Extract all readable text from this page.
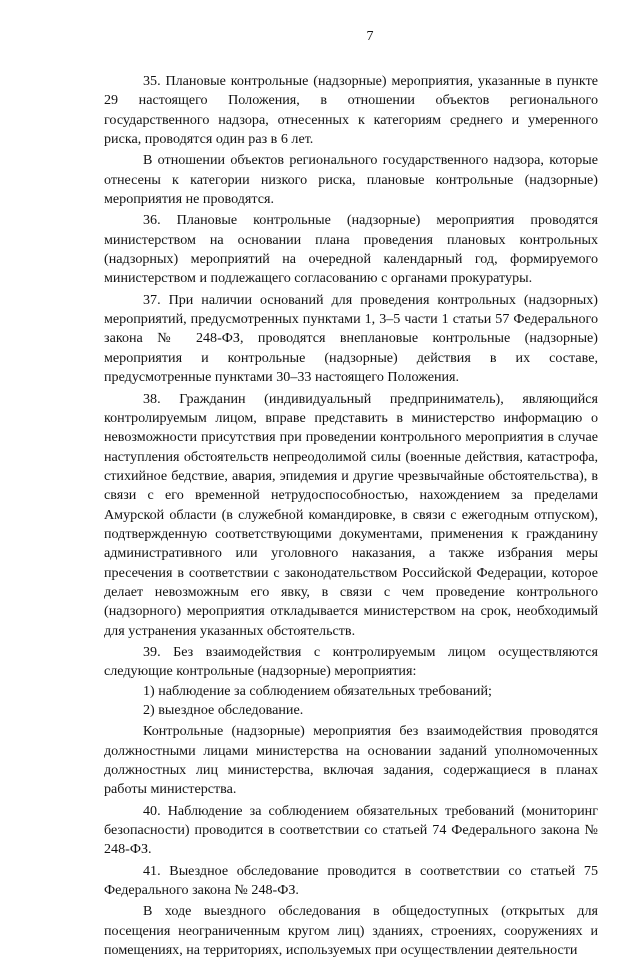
7

35. Плановые контрольные (надзорные) мероприятия, указанные в пункте 29 настоящего Положения, в отношении объектов регионального государственного надзора, отнесенных к категориям среднего и умеренного риска, проводятся один раз в 6 лет.

В отношении объектов регионального государственного надзора, которые отнесены к категории низкого риска, плановые контрольные (надзорные) мероприятия не проводятся.

36. Плановые контрольные (надзорные) мероприятия проводятся министерством на основании плана проведения плановых контрольных (надзорных) мероприятий на очередной календарный год, формируемого министерством и подлежащего согласованию с органами прокуратуры.

37. При наличии оснований для проведения контрольных (надзорных) мероприятий, предусмотренных пунктами 1, 3–5 части 1 статьи 57 Федерального закона № 248-ФЗ, проводятся внеплановые контрольные (надзорные) мероприятия и контрольные (надзорные) действия в их составе, предусмотренные пунктами 30–33 настоящего Положения.

38. Гражданин (индивидуальный предприниматель), являющийся контролируемым лицом, вправе представить в министерство информацию о невозможности присутствия при проведении контрольного мероприятия в случае наступления обстоятельств непреодолимой силы (военные действия, катастрофа, стихийное бедствие, авария, эпидемия и другие чрезвычайные обстоятельства), в связи с его временной нетрудоспособностью, нахождением за пределами Амурской области (в служебной командировке, в связи с ежегодным отпуском), подтвержденную соответствующими документами, применения к гражданину административного или уголовного наказания, а также избрания меры пресечения в соответствии с законодательством Российской Федерации, которое делает невозможным его явку, в связи с чем проведение контрольного (надзорного) мероприятия откладывается министерством на срок, необходимый для устранения указанных обстоятельств.

39. Без взаимодействия с контролируемым лицом осуществляются следующие контрольные (надзорные) мероприятия:

1) наблюдение за соблюдением обязательных требований;

2) выездное обследование.

Контрольные (надзорные) мероприятия без взаимодействия проводятся должностными лицами министерства на основании заданий уполномоченных должностных лиц министерства, включая задания, содержащиеся в планах работы министерства.

40. Наблюдение за соблюдением обязательных требований (мониторинг безопасности) проводится в соответствии со статьей 74 Федерального закона № 248-ФЗ.

41. Выездное обследование проводится в соответствии со статьей 75 Федерального закона № 248-ФЗ.

В ходе выездного обследования в общедоступных (открытых для посещения неограниченным кругом лиц) зданиях, строениях, сооружениях и помещениях, на территориях, используемых при осуществлении деятельности
